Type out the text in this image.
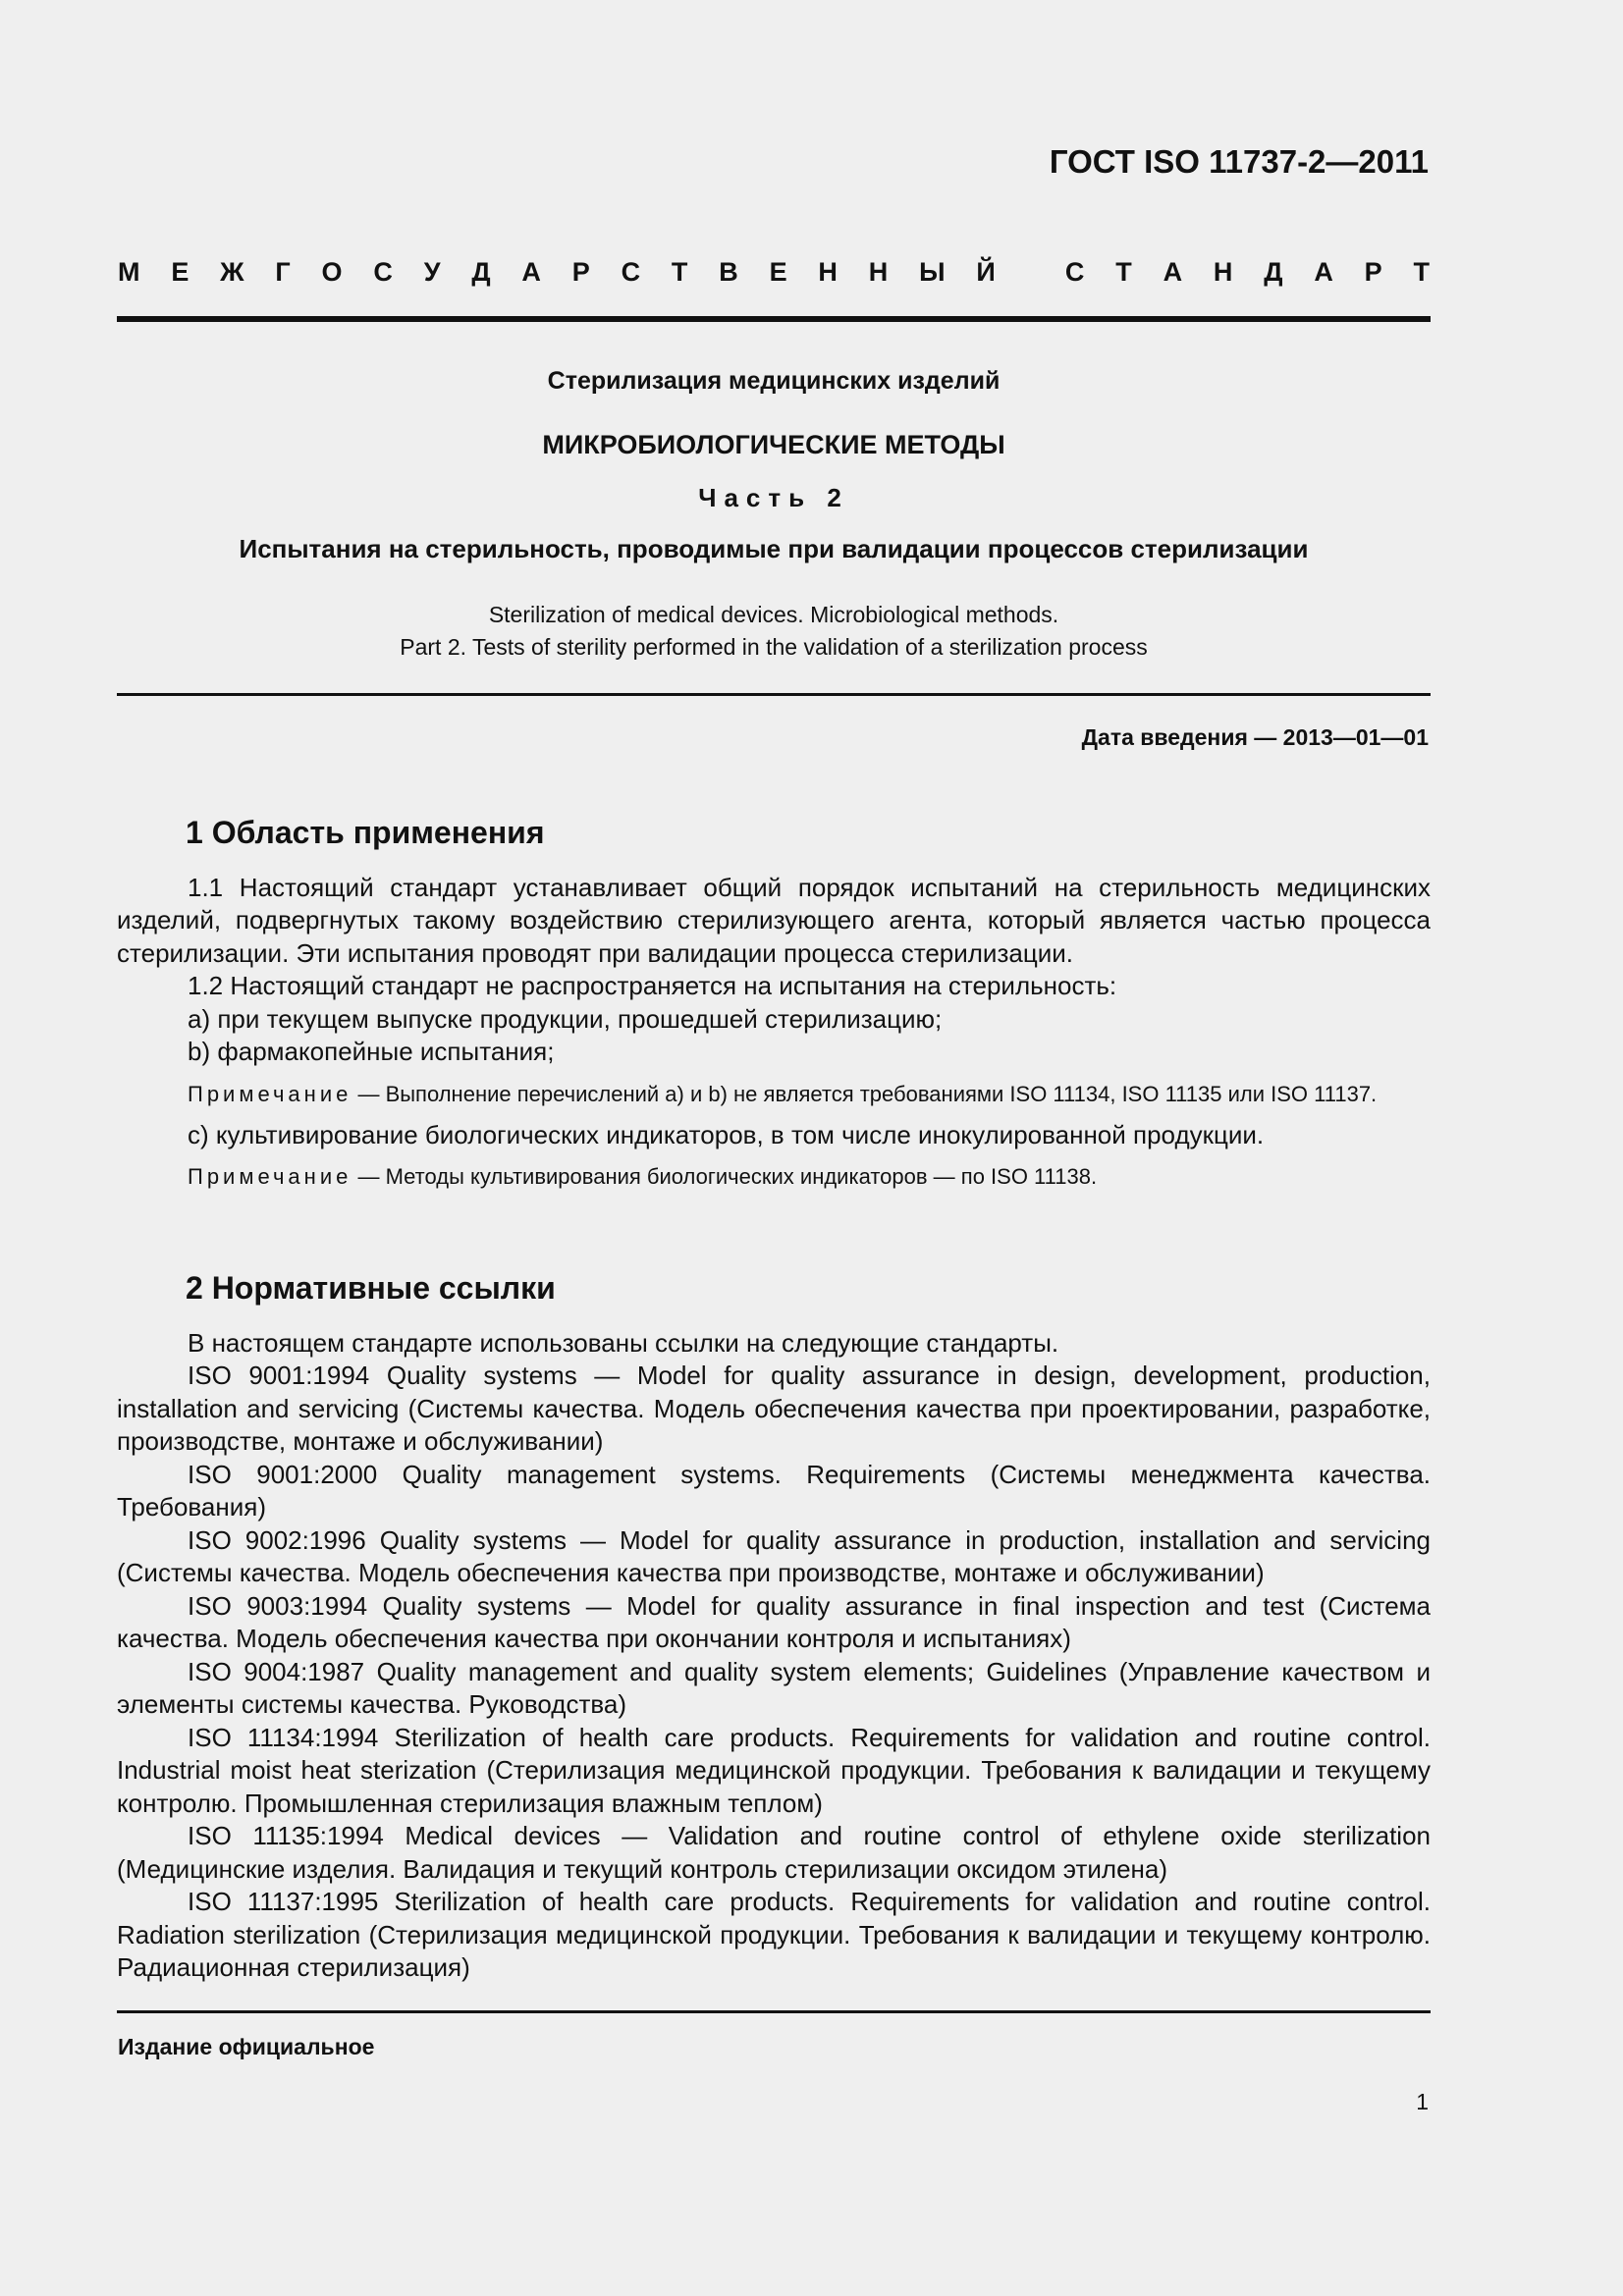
ГОСТ ISO 11737-2—2011
М Е Ж Г О С У Д А Р С Т В Е Н Н Ы Й
	С Т А Н Д А Р Т
Стерилизация медицинских изделий
МИКРОБИОЛОГИЧЕСКИЕ МЕТОДЫ
Часть 2
Испытания на стерильность, проводимые при валидации процессов стерилизации
Sterilization of medical devices. Microbiological methods.
Part 2. Tests of sterility performed in the validation of a sterilization process
Дата введения — 2013—01—01
1 Область применения

1.1 Настоящий стандарт устанавливает общий порядок испытаний на стерильность медицинских изделий, подвергнутых такому воздействию стерилизующего агента, который является частью процесса стерилизации. Эти испытания проводят при валидации процесса стерилизации.

1.2 Настоящий стандарт не распространяется на испытания на стерильность:

a) при текущем выпуске продукции, прошедшей стерилизацию;

b) фармакопейные испытания;

Примечание — Выполнение перечислений a) и b) не является требованиями ISO 11134, ISO 11135 или ISO 11137.

c) культивирование биологических индикаторов, в том числе инокулированной продукции.

Примечание — Методы культивирования биологических индикаторов — по ISO 11138.
2 Нормативные ссылки

В настоящем стандарте использованы ссылки на следующие стандарты.

ISO 9001:1994 Quality systems — Model for quality assurance in design, development, production, installation and servicing (Системы качества. Модель обеспечения качества при проектировании, разработке, производстве, монтаже и обслуживании)

ISO 9001:2000 Quality management systems. Requirements (Системы менеджмента качества. Требования)

ISO 9002:1996 Quality systems — Model for quality assurance in production, installation and servicing (Системы качества. Модель обеспечения качества при производстве, монтаже и обслуживании)

ISO 9003:1994 Quality systems — Model for quality assurance in final inspection and test (Система качества. Модель обеспечения качества при окончании контроля и испытаниях)

ISO 9004:1987 Quality management and quality system elements; Guidelines (Управление качеством и элементы системы качества. Руководства)

ISO 11134:1994 Sterilization of health care products. Requirements for validation and routine control. Industrial moist heat sterization (Стерилизация медицинской продукции. Требования к валидации и текущему контролю. Промышленная стерилизация влажным теплом)

ISO 11135:1994 Medical devices — Validation and routine control of ethylene oxide sterilization (Медицинские изделия. Валидация и текущий контроль стерилизации оксидом этилена)

ISO 11137:1995 Sterilization of health care products. Requirements for validation and routine control. Radiation sterilization (Стерилизация медицинской продукции. Требования к валидации и текущему контролю. Радиационная стерилизация)

Издание официальное
1
